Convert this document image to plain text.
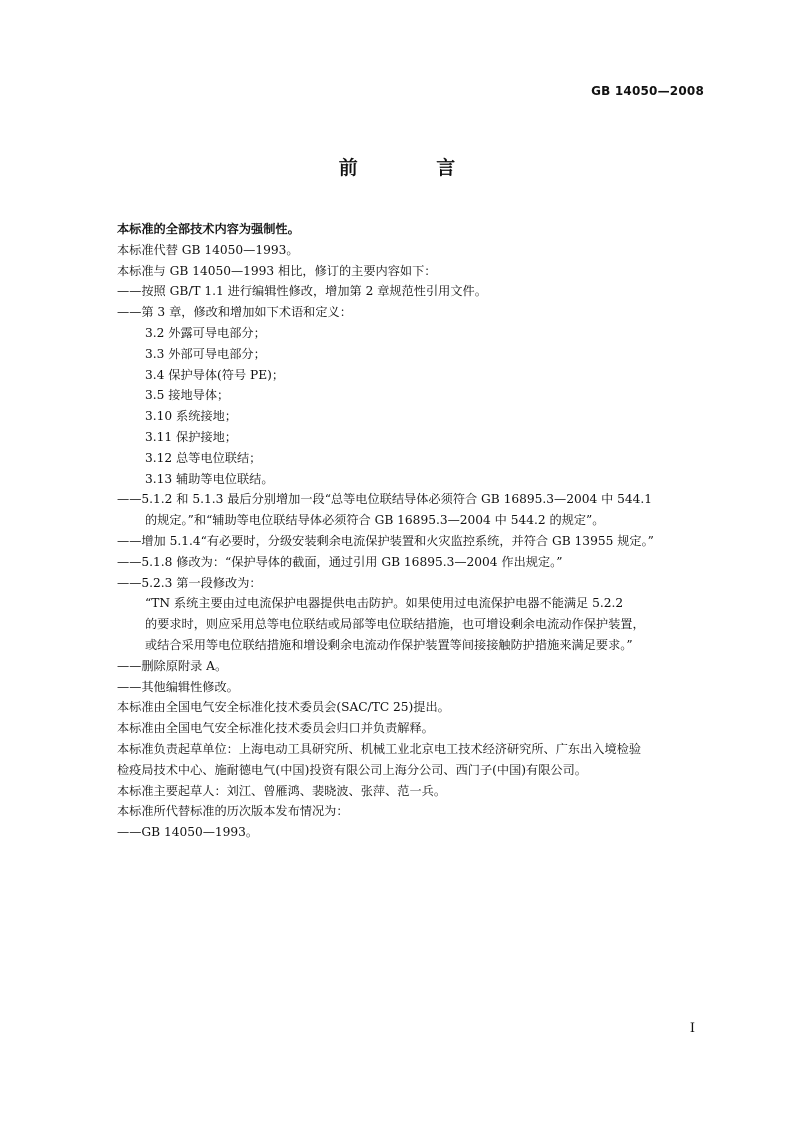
GB 14050—2008
前 言
本标准的全部技术内容为强制性。
本标准代替 GB 14050—1993。
本标准与 GB 14050—1993 相比，修订的主要内容如下：
——按照 GB/T 1.1 进行编辑性修改，增加第 2 章规范性引用文件。
——第 3 章，修改和增加如下术语和定义：
3.2 外露可导电部分；
3.3 外部可导电部分；
3.4 保护导体(符号 PE)；
3.5 接地导体；
3.10 系统接地；
3.11 保护接地；
3.12 总等电位联结；
3.13 辅助等电位联结。
——5.1.2 和 5.1.3 最后分别增加一段“总等电位联结导体必须符合 GB 16895.3—2004 中 544.1
的规定。”和“辅助等电位联结导体必须符合 GB 16895.3—2004 中 544.2 的规定”。
——增加 5.1.4“有必要时，分级安装剩余电流保护装置和火灾监控系统，并符合 GB 13955 规定。”
——5.1.8 修改为：“保护导体的截面，通过引用 GB 16895.3—2004 作出规定。”
——5.2.3 第一段修改为：
“TN 系统主要由过电流保护电器提供电击防护。如果使用过电流保护电器不能满足 5.2.2
的要求时，则应采用总等电位联结或局部等电位联结措施，也可增设剩余电流动作保护装置，
或结合采用等电位联结措施和增设剩余电流动作保护装置等间接接触防护措施来满足要求。”
——删除原附录 A。
——其他编辑性修改。
本标准由全国电气安全标准化技术委员会(SAC/TC 25)提出。
本标准由全国电气安全标准化技术委员会归口并负责解释。
本标准负责起草单位：上海电动工具研究所、机械工业北京电工技术经济研究所、广东出入境检验
检疫局技术中心、施耐德电气(中国)投资有限公司上海分公司、西门子(中国)有限公司。
本标准主要起草人：刘江、曾雁鸿、裴晓波、张萍、范一兵。
本标准所代替标准的历次版本发布情况为：
——GB 14050—1993。
I
